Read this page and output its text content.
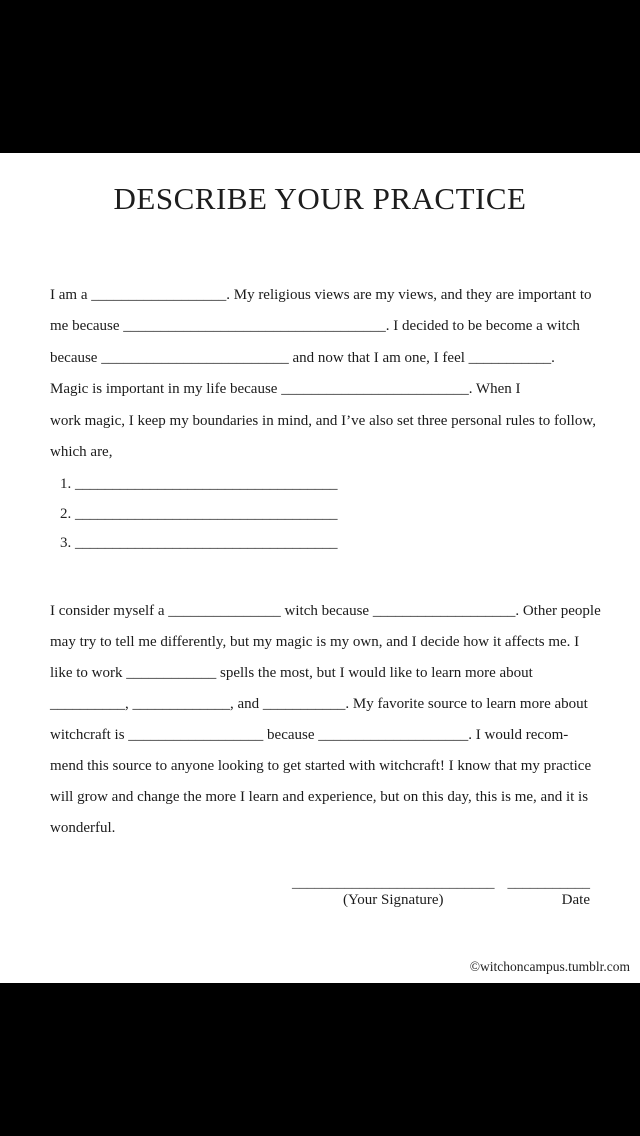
DESCRIBE YOUR PRACTICE
I am a __________________. My religious views are my views, and they are important to
me because ___________________________________. I decided to be become a witch
because _________________________ and now that I am one, I feel ___________.
Magic is important in my life because _________________________. When I
work magic, I keep my boundaries in mind, and I’ve also set three personal rules to follow,
which are,
1. ___________________________________
2. ___________________________________
3. ___________________________________
I consider myself a _______________ witch because ___________________. Other people
may try to tell me differently, but my magic is my own, and I decide how it affects me. I
like to work ____________ spells the most, but I would like to learn more about
__________, _____________, and ___________. My favorite source to learn more about
witchcraft is __________________ because ____________________. I would recom-
mend this source to anyone looking to get started with witchcraft! I know that my practice
will grow and change the more I learn and experience, but on this day, this is me, and it is
wonderful.
___________________________
(Your Signature)
___________
Date
©witchoncampus.tumblr.com
